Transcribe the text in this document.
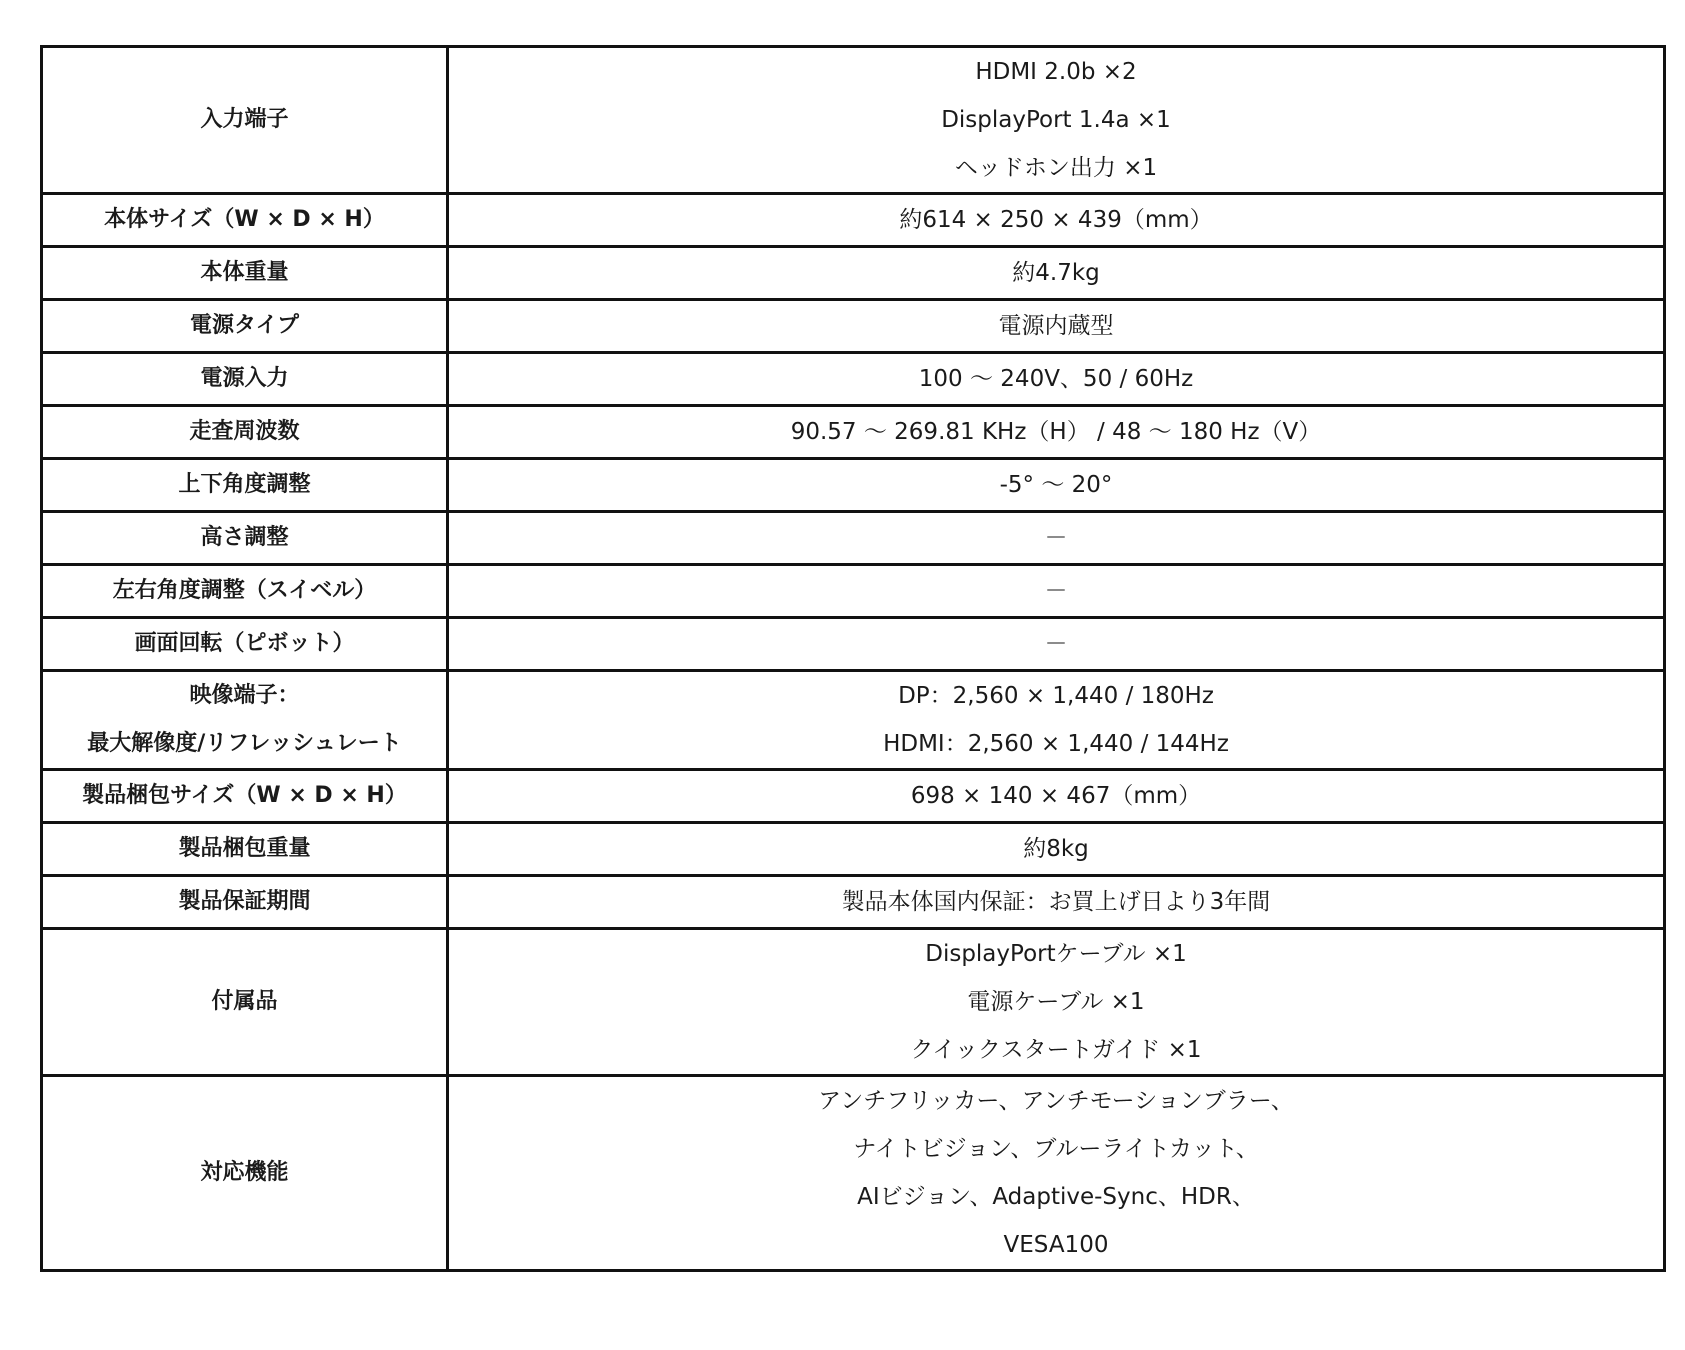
入力端子	HDMI 2.0b ×2
DisplayPort 1.4a ×1
ヘッドホン出力 ×1

本体サイズ（W × D × H）	約614 × 250 × 439（mm）

本体重量	約4.7kg

電源タイプ	電源内蔵型

電源入力	100 ～ 240V、50 / 60Hz

走査周波数	90.57 ～ 269.81 KHz（H） / 48 ～ 180 Hz（V）

上下角度調整	-5° ～ 20°

高さ調整	－

左右角度調整（スイベル）	－

画面回転（ピボット）	－

映像端子：
最大解像度/リフレッシュレート	DP：2,560 × 1,440 / 180Hz
HDMI：2,560 × 1,440 / 144Hz

製品梱包サイズ（W × D × H）	698 × 140 × 467（mm）

製品梱包重量	約8kg

製品保証期間	製品本体国内保証：お買上げ日より3年間

付属品	DisplayPortケーブル ×1
電源ケーブル ×1
クイックスタートガイド ×1

対応機能	アンチフリッカー、アンチモーションブラー、
ナイトビジョン、ブルーライトカット、
AIビジョン、Adaptive-Sync、HDR、
VESA100
